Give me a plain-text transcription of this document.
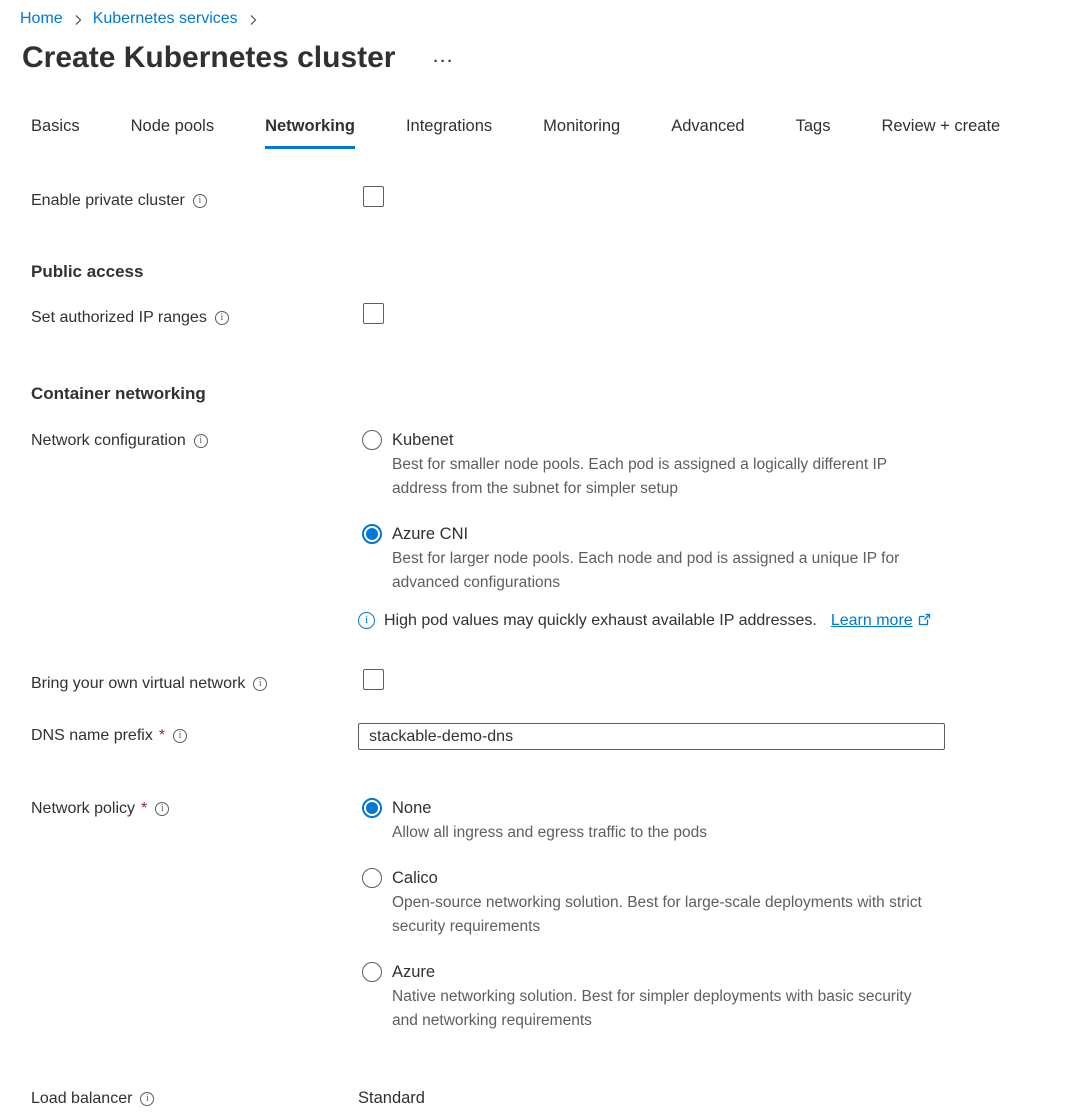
Home Kubernetes services
Create Kubernetes cluster
···
Basics	Node pools	Networking	Integrations	Monitoring	Advanced	Tags	Review + create
Enable private cluster
i
Public access
Set authorized IP ranges
i
Container networking
Network configuration i	Kubenet
Best for smaller node pools. Each pod is assigned a logically different IP address from the subnet for simpler setup
Azure CNI
Best for larger node pools. Each node and pod is assigned a unique IP for advanced configurations
i
High pod values may quickly exhaust available IP addresses. Learn more
Bring your own virtual network
i
DNS name prefix *
i
stackable-demo-dns
Network policy * i	None
Allow all ingress and egress traffic to the pods
Calico
Open-source networking solution. Best for large-scale deployments with strict security requirements
Azure
Native networking solution. Best for simpler deployments with basic security and networking requirements
Load balancer i	Standard
